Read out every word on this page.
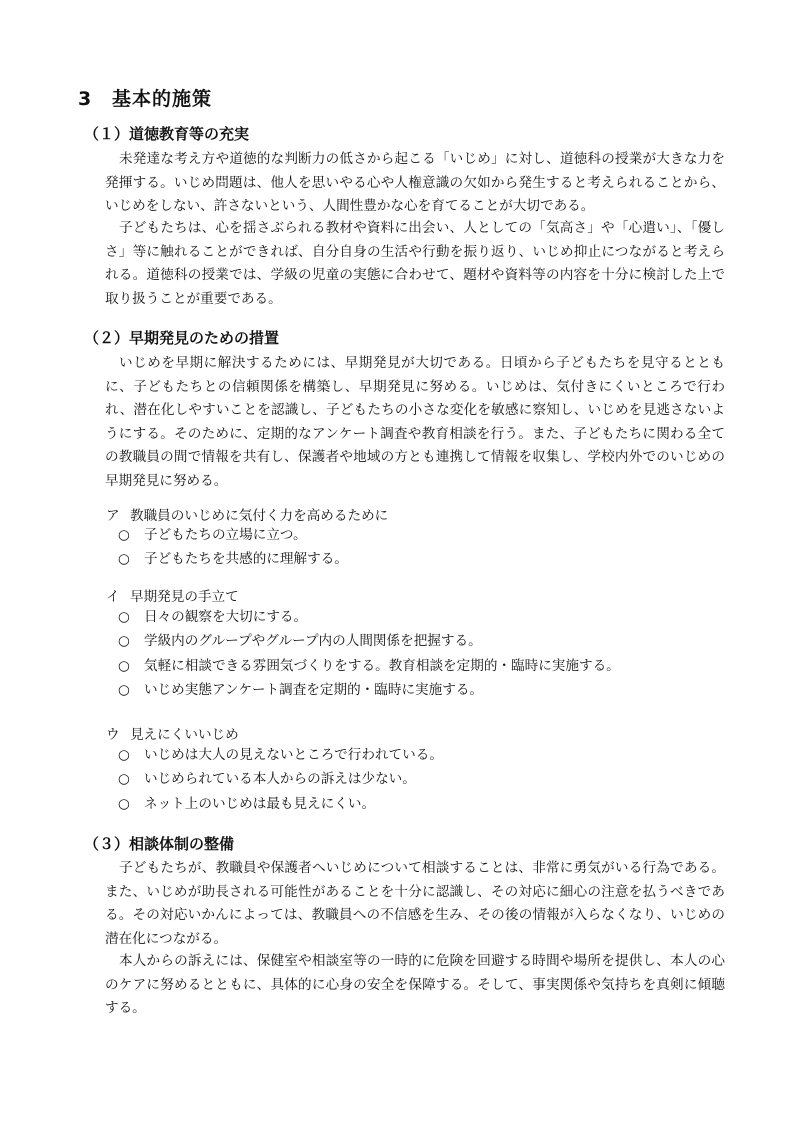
3 基本的施策
（１）道徳教育等の充実

未発達な考え方や道徳的な判断力の低さから起こる「いじめ」に対し、道徳科の授業が大きな力を発揮する。いじめ問題は、他人を思いやる心や人権意識の欠如から発生すると考えられることから、いじめをしない、許さないという、人間性豊かな心を育てることが大切である。

子どもたちは、心を揺さぶられる教材や資料に出会い、人としての「気高さ」や「心遣い」、「優しさ」等に触れることができれば、自分自身の生活や行動を振り返り、いじめ抑止につながると考えられる。道徳科の授業では、学級の児童の実態に合わせて、題材や資料等の内容を十分に検討した上で取り扱うことが重要である。

（２）早期発見のための措置

いじめを早期に解決するためには、早期発見が大切である。日頃から子どもたちを見守るとともに、子どもたちとの信頼関係を構築し、早期発見に努める。いじめは、気付きにくいところで行われ、潜在化しやすいことを認識し、子どもたちの小さな変化を敏感に察知し、いじめを見逃さないようにする。そのために、定期的なアンケート調査や教育相談を行う。また、子どもたちに関わる全ての教職員の間で情報を共有し、保護者や地域の方とも連携して情報を収集し、学校内外でのいじめの早期発見に努める。

ア 教職員のいじめに気付く力を高めるために
○ 子どもたちの立場に立つ。
○ 子どもたちを共感的に理解する。
イ 早期発見の手立て
○ 日々の観察を大切にする。
○ 学級内のグループやグループ内の人間関係を把握する。
○ 気軽に相談できる雰囲気づくりをする。教育相談を定期的・臨時に実施する。
○ いじめ実態アンケート調査を定期的・臨時に実施する。
ウ 見えにくいいじめ
○ いじめは大人の見えないところで行われている。
○ いじめられている本人からの訴えは少ない。
○ ネット上のいじめは最も見えにくい。
（３）相談体制の整備

子どもたちが、教職員や保護者へいじめについて相談することは、非常に勇気がいる行為である。また、いじめが助長される可能性があることを十分に認識し、その対応に細心の注意を払うべきである。その対応いかんによっては、教職員への不信感を生み、その後の情報が入らなくなり、いじめの潜在化につながる。

本人からの訴えには、保健室や相談室等の一時的に危険を回避する時間や場所を提供し、本人の心のケアに努めるとともに、具体的に心身の安全を保障する。そして、事実関係や気持ちを真剣に傾聴する。
